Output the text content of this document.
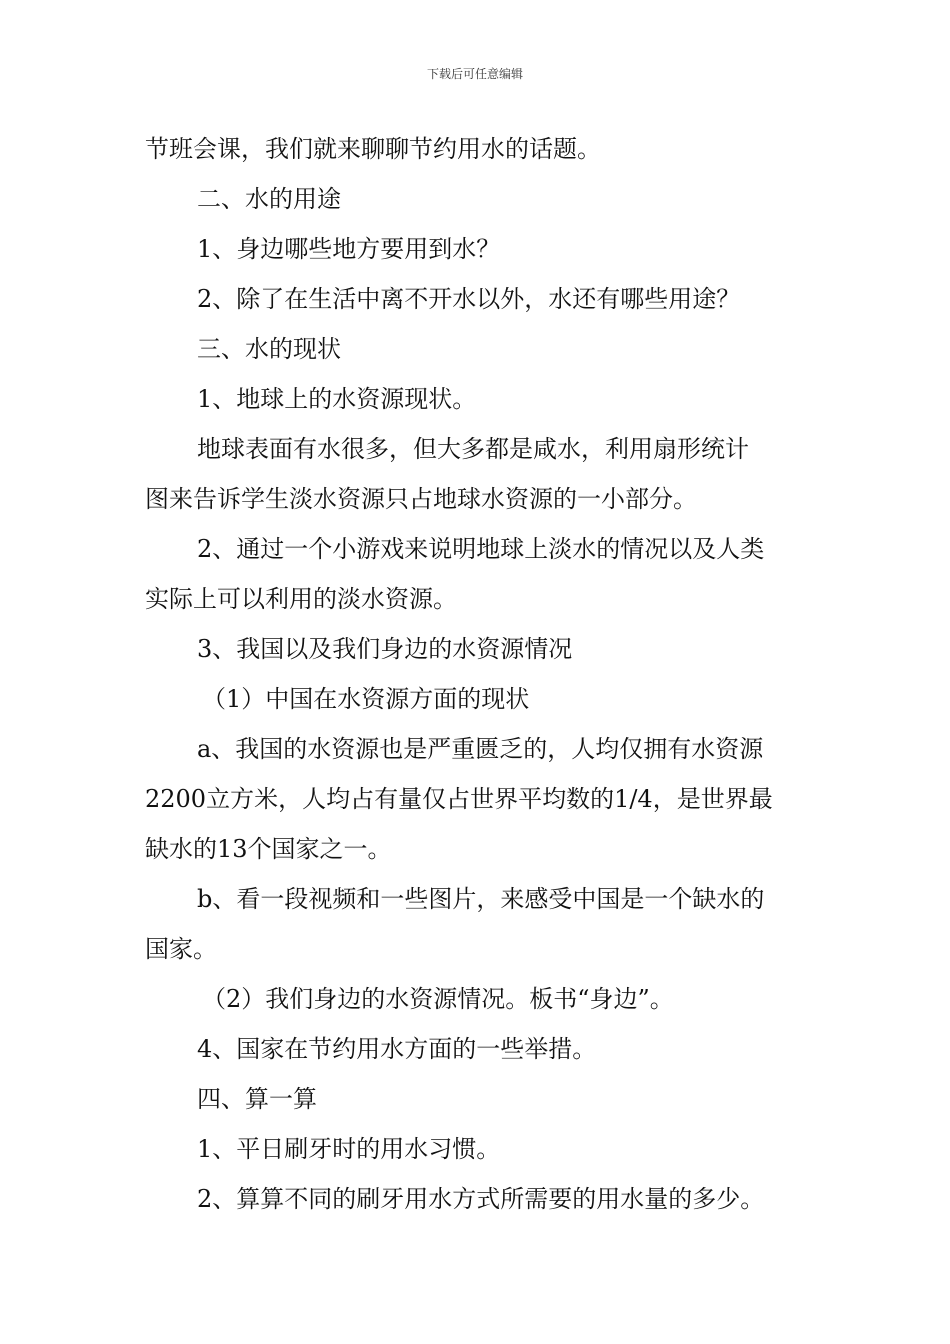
下载后可任意编辑
节班会课，我们就来聊聊节约用水的话题。
二、水的用途
1、身边哪些地方要用到水？
2、除了在生活中离不开水以外，水还有哪些用途？
三、水的现状
1、地球上的水资源现状。
地球表面有水很多，但大多都是咸水，利用扇形统计
图来告诉学生淡水资源只占地球水资源的一小部分。
2、通过一个小游戏来说明地球上淡水的情况以及人类
实际上可以利用的淡水资源。
3、我国以及我们身边的水资源情况
（1）中国在水资源方面的现状
a、我国的水资源也是严重匮乏的，人均仅拥有水资源
2200立方米，人均占有量仅占世界平均数的1/4，是世界最
缺水的13个国家之一。
b、看一段视频和一些图片，来感受中国是一个缺水的
国家。
（2）我们身边的水资源情况。板书“身边”。
4、国家在节约用水方面的一些举措。
四、算一算
1、平日刷牙时的用水习惯。
2、算算不同的刷牙用水方式所需要的用水量的多少。
